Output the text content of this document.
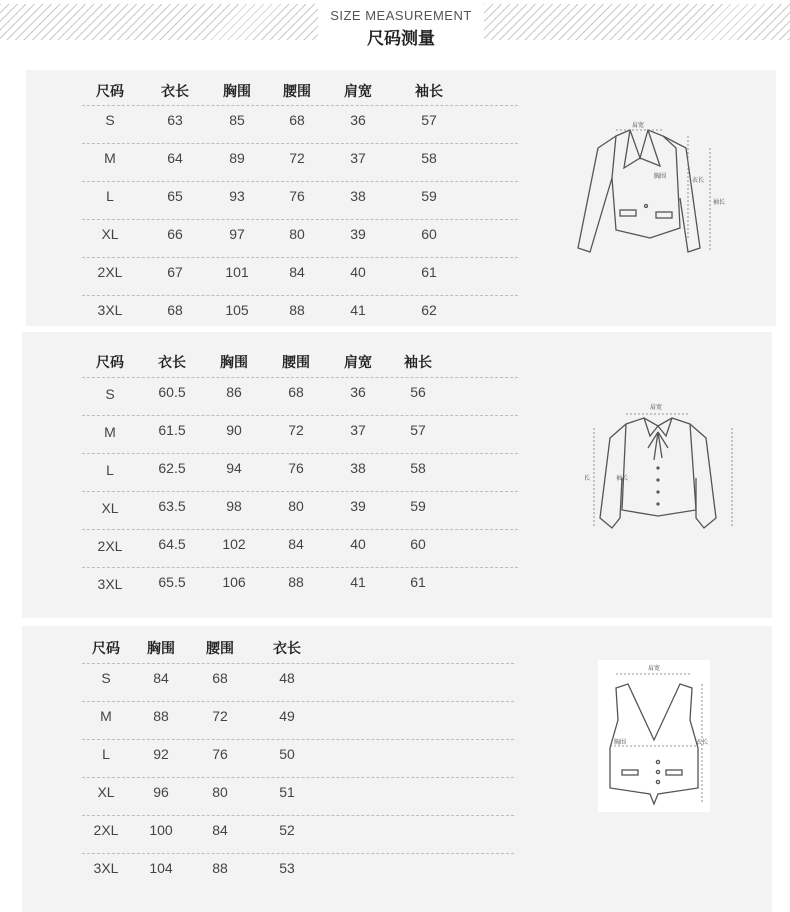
SIZE MEASUREMENT
尺码测量
肩宽
胸围
衣长
袖长
肩宽
袖长
长
肩宽
胸围	衣长
尺码	衣长	胸围	腰围	肩宽	袖长
S	63	85	68	36	57
M	64	89	72	37	58
L	65	93	76	38	59
XL	66	97	80	39	60
2XL	67	101	84	40	61
3XL	68	105	88	41	62
尺码	衣长	胸围	腰围	肩宽	袖长
S	60.5	86	68	36	56
M	61.5	90	72	37	57
L	62.5	94	76	38	58
XL	63.5	98	80	39	59
2XL	64.5	102	84	40	60
3XL	65.5	106	88	41	61
尺码	胸围	腰围	衣长
S	84	68	48
M	88	72	49
L	92	76	50
XL	96	80	51
2XL	100	84	52
3XL	104	88	53
